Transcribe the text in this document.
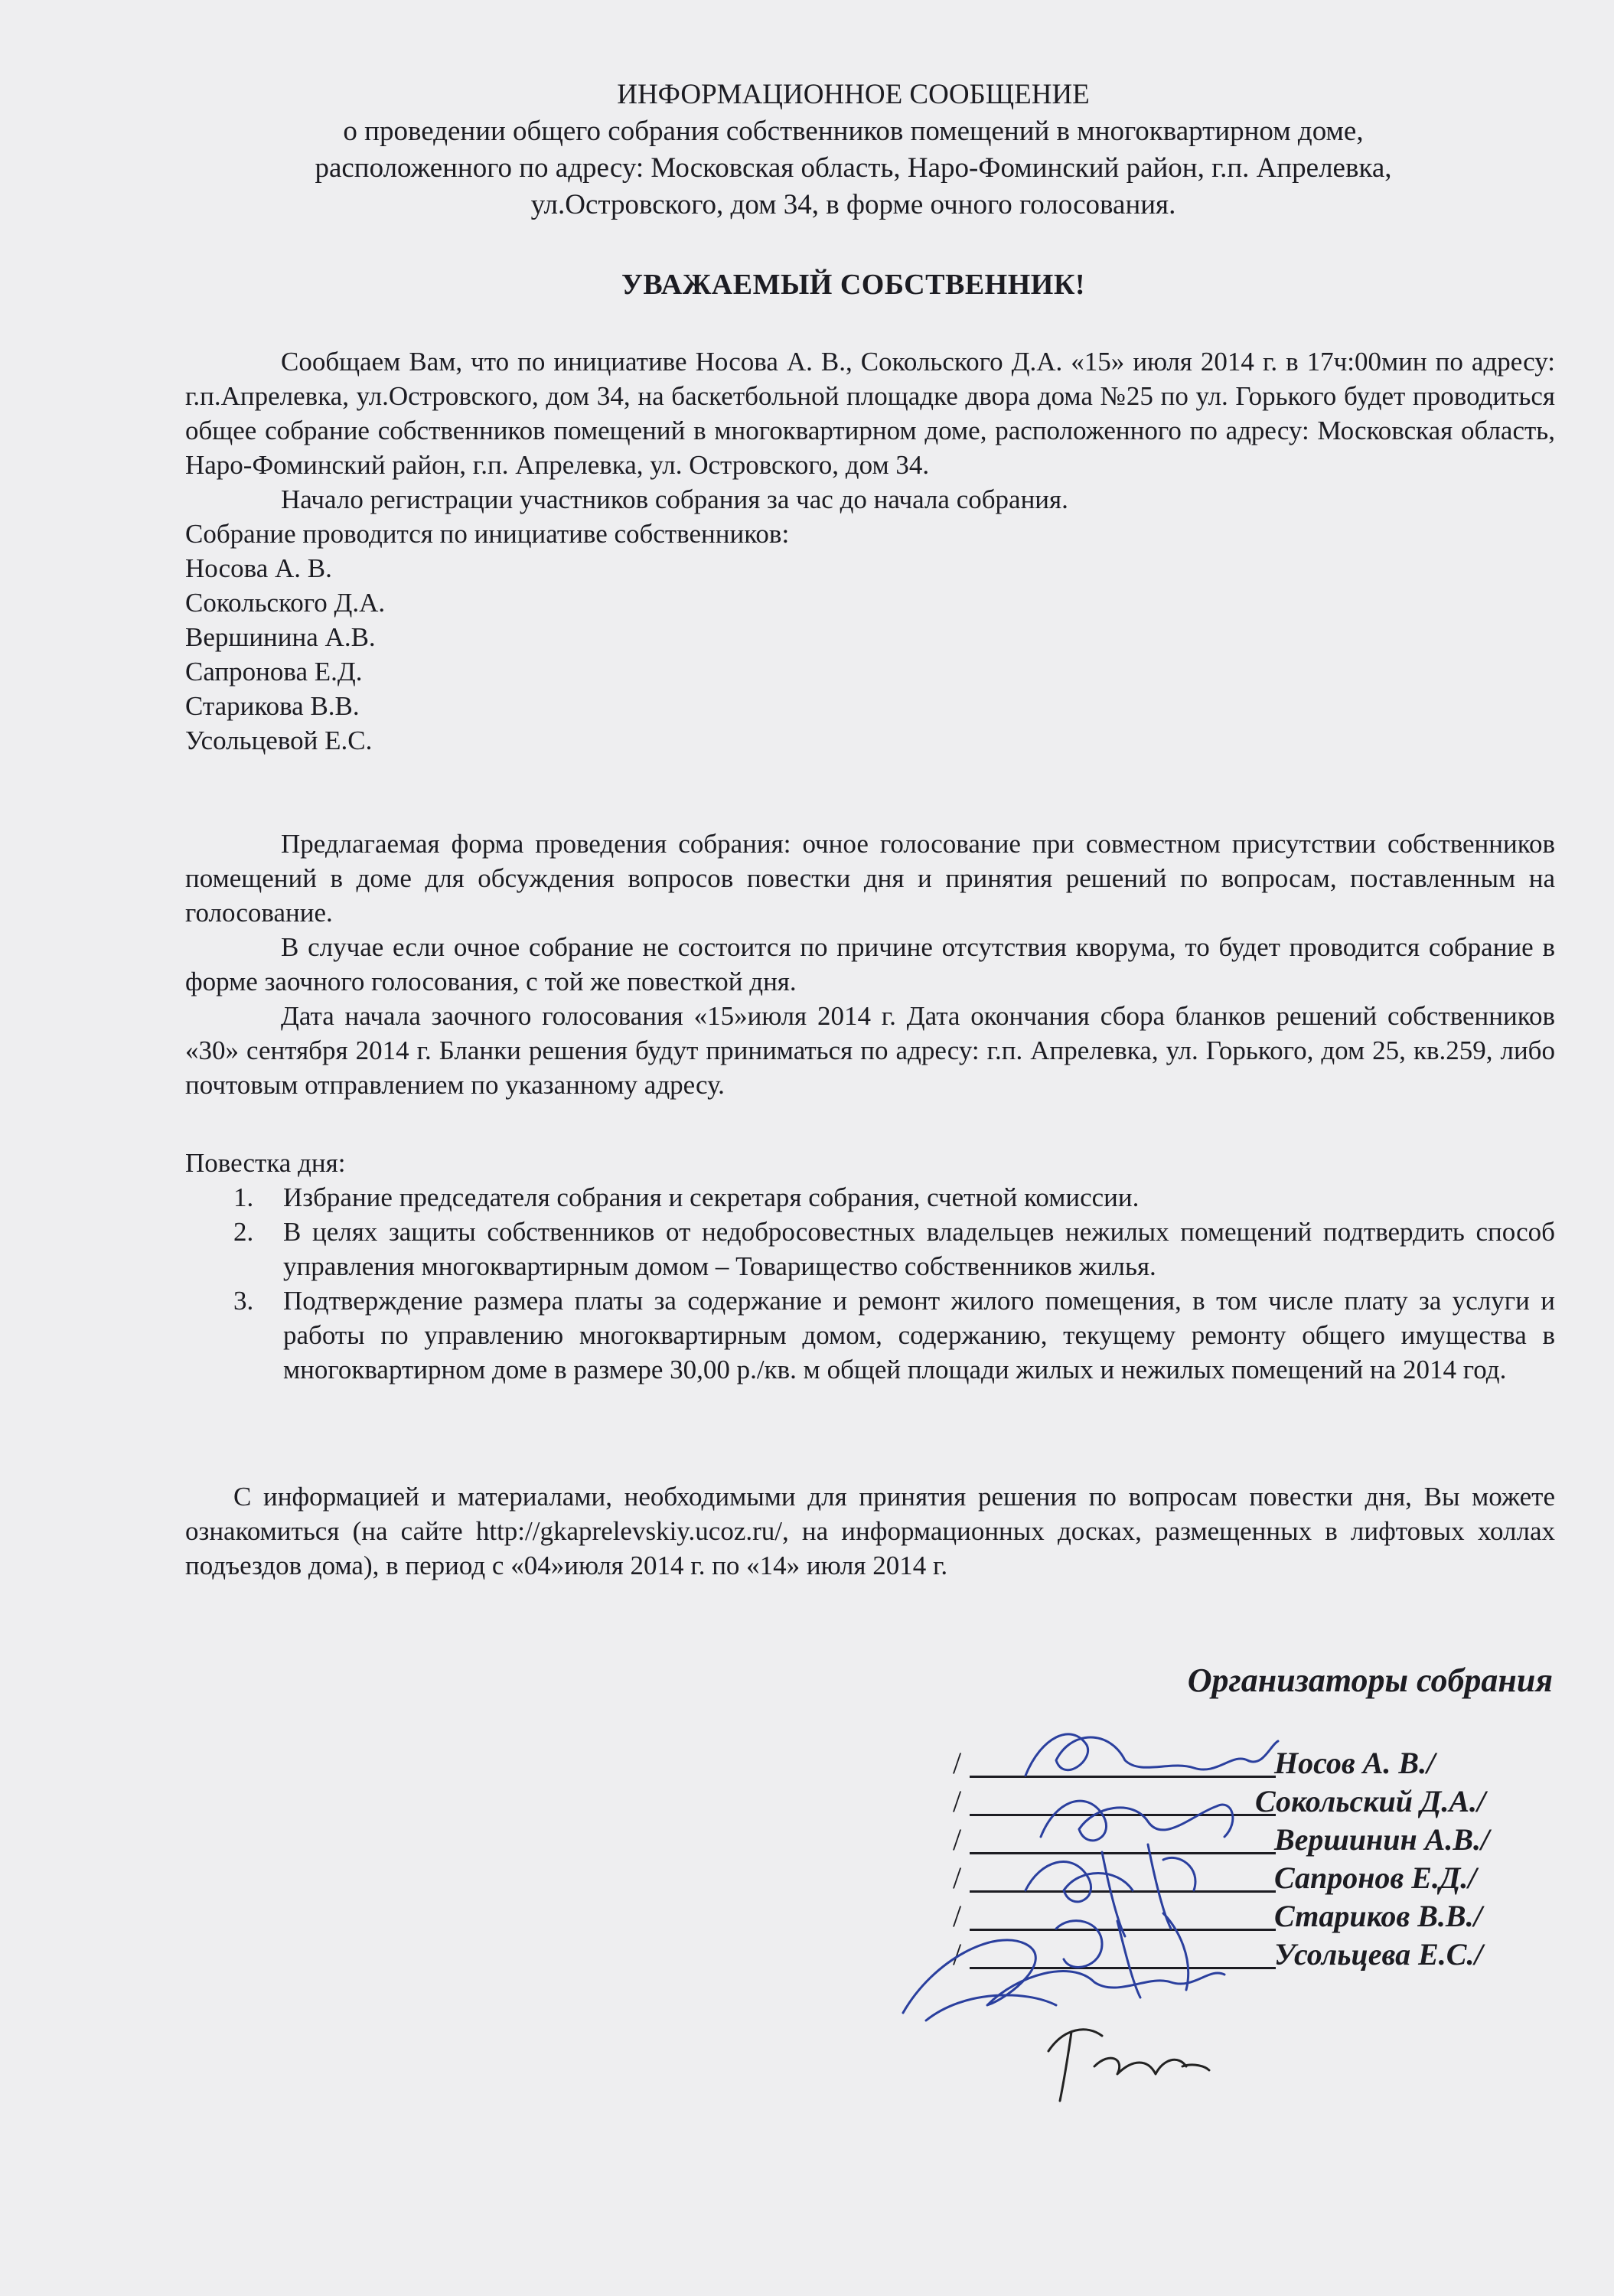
ИНФОРМАЦИОННОЕ СООБЩЕНИЕ
о проведении общего собрания собственников помещений в многоквартирном доме,
расположенного по адресу: Московская область, Наро-Фоминский район, г.п. Апрелевка,
ул.Островского, дом 34, в форме очного голосования.
УВАЖАЕМЫЙ СОБСТВЕННИК!

Сообщаем Вам, что по инициативе Носова А. В., Сокольского Д.А. «15» июля 2014 г. в 17ч:00мин по адресу: г.п.Апрелевка, ул.Островского, дом 34, на баскетбольной площадке двора дома №25 по ул. Горького будет проводиться общее собрание собственников помещений в многоквартирном доме, расположенного по адресу: Московская область, Наро-Фоминский район, г.п. Апрелевка, ул. Островского, дом 34.

Начало регистрации участников собрания за час до начала собрания.

Собрание проводится по инициативе собственников:

Носова А. В.
Сокольского Д.А.
Вершинина А.В.
Сапронова Е.Д.
Старикова В.В.
Усольцевой Е.С.

Предлагаемая форма проведения собрания: очное голосование при совместном присутствии собственников помещений в доме для обсуждения вопросов повестки дня и принятия решений по вопросам, поставленным на голосование.

В случае если очное собрание не состоится по причине отсутствия кворума, то будет проводится собрание в форме заочного голосования, с той же повесткой дня.

Дата начала заочного голосования «15»июля 2014 г. Дата окончания сбора бланков решений собственников «30» сентября 2014 г. Бланки решения будут приниматься по адресу: г.п. Апрелевка, ул. Горького, дом 25, кв.259, либо почтовым отправлением по указанному адресу.

Повестка дня:

1. Избрание председателя собрания и секретаря собрания, счетной комиссии.
2. В целях защиты собственников от недобросовестных владельцев нежилых помещений подтвердить способ управления многоквартирным домом – Товарищество собственников жилья.
3. Подтверждение размера платы за содержание и ремонт жилого помещения, в том числе плату за услуги и работы по управлению многоквартирным домом, содержанию, текущему ремонту общего имущества в многоквартирном доме в размере 30,00 р./кв. м общей площади жилых и нежилых помещений на 2014 год.

С информацией и материалами, необходимыми для принятия решения по вопросам повестки дня, Вы можете ознакомиться (на сайте http://gkaprelevskiy.ucoz.ru/, на информационных досках, размещенных в лифтовых холлах подъездов дома), в период с «04»июля 2014 г. по «14» июля 2014 г.

Организаторы собрания
/	Носов А. В./
/	Сокольский Д.А./
/	Вершинин А.В./
/	Сапронов Е.Д./
/	Стариков В.В./
/	Усольцева Е.С./
